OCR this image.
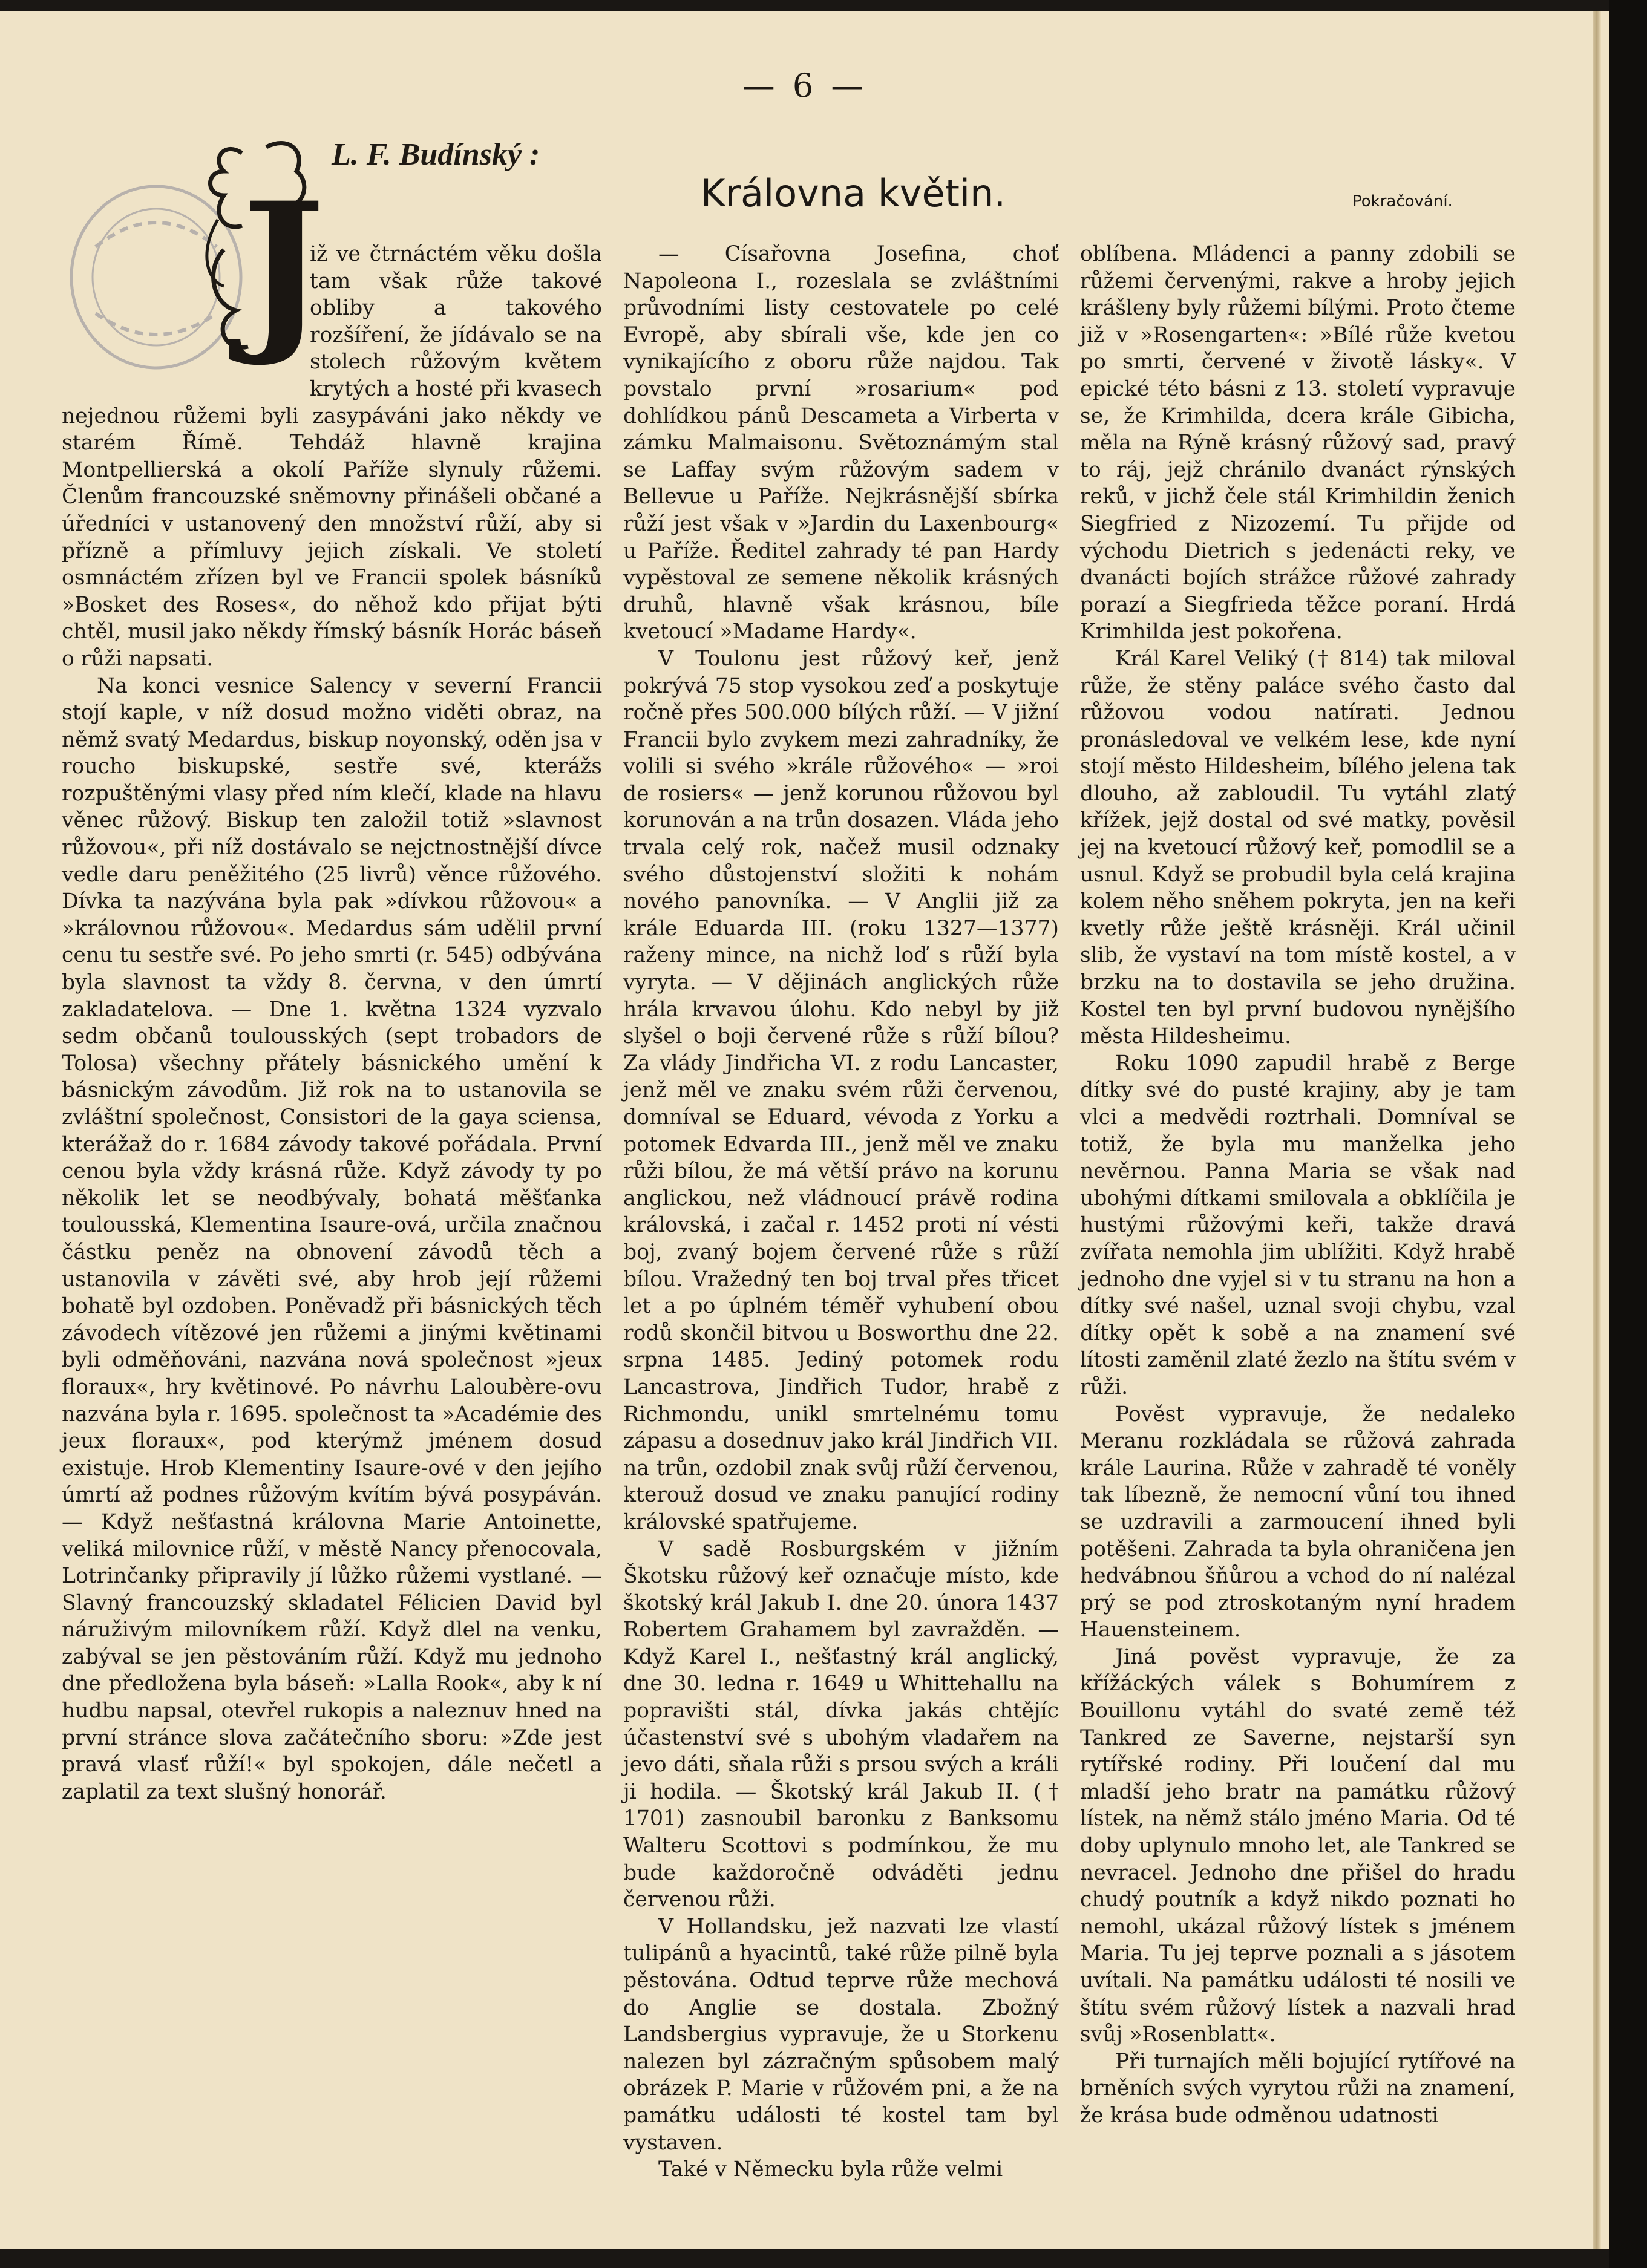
— 6 —
J
L. F. Budínský :
Královna květin.	Pokračování.

iž ve čtrnáctém věku došla tam však růže takové obliby a takového rozšíření, že jídávalo se na stolech růžovým květem krytých a hosté při kvasech nejednou růžemi byli zasypáváni jako někdy ve starém Římě. Tehdáž hlavně krajina Montpellierská a okolí Paříže slynuly růžemi. Členům francouzské sněmovny přinášeli občané a úředníci v ustanovený den množství růží, aby si přízně a přímluvy jejich získali. Ve století osmnáctém zřízen byl ve Francii spolek básníků »Bosket des Roses«, do něhož kdo přijat býti chtěl, musil jako někdy římský básník Horác báseň o růži napsati.

Na konci vesnice Salency v severní Francii stojí kaple, v níž dosud možno viděti obraz, na němž svatý Medardus, biskup noyonský, oděn jsa v roucho biskupské, sestře své, kterážs rozpuštěnými vlasy před ním klečí, klade na hlavu věnec růžový. Biskup ten založil totiž »slavnost růžovou«, při níž dostávalo se nejctnostnější dívce vedle daru peněžitého (25 livrů) věnce růžového. Dívka ta nazývána byla pak »dívkou růžovou« a »královnou růžovou«. Medardus sám udělil první cenu tu sestře své. Po jeho smrti (r. 545) odbývána byla slavnost ta vždy 8. června, v den úmrtí zakladatelova. — Dne 1. května 1324 vyzvalo sedm občanů toulousských (sept trobadors de Tolosa) všechny přátely básnického umění k básnickým závodům. Již rok na to ustanovila se zvláštní společnost, Consistori de la gaya sciensa, kterážaž do r. 1684 závody takové pořádala. První cenou byla vždy krásná růže. Když závody ty po několik let se neodbývaly, bohatá měšťanka toulousská, Klementina Isaure-ová, určila značnou částku peněz na obnovení závodů těch a ustanovila v závěti své, aby hrob její růžemi bohatě byl ozdoben. Poněvadž při básnických těch závodech vítězové jen růžemi a jinými květinami byli odměňováni, nazvána nová společnost »jeux floraux«, hry květinové. Po návrhu Laloubère-ovu nazvána byla r. 1695. společnost ta »Académie des jeux floraux«, pod kterýmž jménem dosud existuje. Hrob Klementiny Isaure-ové v den jejího úmrtí až podnes růžovým kvítím bývá posypáván. — Když nešťastná královna Marie Antoinette, veliká milovnice růží, v městě Nancy přenocovala, Lotrinčanky připravily jí lůžko růžemi vystlané. — Slavný francouzský skladatel Félicien David byl náruživým milovníkem růží. Když dlel na venku, zabýval se jen pěstováním růží. Když mu jednoho dne předložena byla báseň: »Lalla Rook«, aby k ní hudbu napsal, otevřel rukopis a naleznuv hned na první stránce slova začátečního sboru: »Zde jest pravá vlasť růží!« byl spokojen, dále nečetl a zaplatil za text slušný honorář.

— Císařovna Josefina, choť Napoleona I., rozeslala se zvláštními průvodními listy cestovatele po celé Evropě, aby sbírali vše, kde jen co vynikajícího z oboru růže najdou. Tak povstalo první »rosarium« pod dohlídkou pánů Descameta a Virberta v zámku Malmaisonu. Světoznámým stal se Laffay svým růžovým sadem v Bellevue u Paříže. Nejkrásnější sbírka růží jest však v »Jardin du Laxenbourg« u Paříže. Ředitel zahrady té pan Hardy vypěstoval ze semene několik krásných druhů, hlavně však krásnou, bíle kvetoucí »Madame Hardy«.

V Toulonu jest růžový keř, jenž pokrývá 75 stop vysokou zeď a poskytuje ročně přes 500.000 bílých růží. — V jižní Francii bylo zvykem mezi zahradníky, že volili si svého »krále růžového« — »roi de rosiers« — jenž korunou růžovou byl korunován a na trůn dosazen. Vláda jeho trvala celý rok, načež musil odznaky svého důstojenství složiti k nohám nového panovníka. — V Anglii již za krále Eduarda III. (roku 1327—1377) raženy mince, na nichž loď s růží byla vyryta. — V dějinách anglických růže hrála krvavou úlohu. Kdo nebyl by již slyšel o boji červené růže s růží bílou? Za vlády Jindřicha VI. z rodu Lancaster, jenž měl ve znaku svém růži červenou, domníval se Eduard, vévoda z Yorku a potomek Edvarda III., jenž měl ve znaku růži bílou, že má větší právo na korunu anglickou, než vládnoucí právě rodina královská, i začal r. 1452 proti ní vésti boj, zvaný bojem červené růže s růží bílou. Vražedný ten boj trval přes třicet let a po úplném téměř vyhubení obou rodů skončil bitvou u Bosworthu dne 22. srpna 1485. Jediný potomek rodu Lancastrova, Jindřich Tudor, hrabě z Richmondu, unikl smrtelnému tomu zápasu a dosednuv jako král Jindřich VII. na trůn, ozdobil znak svůj růží červenou, kterouž dosud ve znaku panující rodiny královské spatřujeme.

V sadě Rosburgském v jižním Škotsku růžový keř označuje místo, kde škotský král Jakub I. dne 20. února 1437 Robertem Grahamem byl zavražděn. — Když Karel I., nešťastný král anglický, dne 30. ledna r. 1649 u Whittehallu na popravišti stál, dívka jakás chtějíc účastenství své s ubohým vladařem na jevo dáti, sňala růži s prsou svých a králi ji hodila. — Škotský král Jakub II. († 1701) zasnoubil baronku z Banksomu Walteru Scottovi s podmínkou, že mu bude každoročně odváděti jednu červenou růži.

V Hollandsku, jež nazvati lze vlastí tulipánů a hyacintů, také růže pilně byla pěstována. Odtud teprve růže mechová do Anglie se dostala. Zbožný Landsbergius vypravuje, že u Storkenu nalezen byl zázračným spůsobem malý obrázek P. Marie v růžovém pni, a že na památku události té kostel tam byl vystaven.

Také v Německu byla růže velmi

oblíbena. Mládenci a panny zdobili se růžemi červenými, rakve a hroby jejich krášleny byly růžemi bílými. Proto čteme již v »Rosengarten«: »Bílé růže kvetou po smrti, červené v životě lásky«. V epické této básni z 13. století vypravuje se, že Krimhilda, dcera krále Gibicha, měla na Rýně krásný růžový sad, pravý to ráj, jejž chránilo dvanáct rýnských reků, v jichž čele stál Krimhildin ženich Siegfried z Nizozemí. Tu přijde od východu Dietrich s jedenácti reky, ve dvanácti bojích strážce růžové zahrady porazí a Siegfrieda těžce poraní. Hrdá Krimhilda jest pokořena.

Král Karel Veliký († 814) tak miloval růže, že stěny paláce svého často dal růžovou vodou natírati. Jednou pronásledoval ve velkém lese, kde nyní stojí město Hildesheim, bílého jelena tak dlouho, až zabloudil. Tu vytáhl zlatý křížek, jejž dostal od své matky, pověsil jej na kvetoucí růžový keř, pomodlil se a usnul. Když se probudil byla celá krajina kolem něho sněhem pokryta, jen na keři kvetly růže ještě krásněji. Král učinil slib, že vystaví na tom místě kostel, a v brzku na to dostavila se jeho družina. Kostel ten byl první budovou nynějšího města Hildesheimu.

Roku 1090 zapudil hrabě z Berge dítky své do pusté krajiny, aby je tam vlci a medvědi roztrhali. Domníval se totiž, že byla mu manželka jeho nevěrnou. Panna Maria se však nad ubohými dítkami smilovala a obklíčila je hustými růžovými keři, takže dravá zvířata nemohla jim ublížiti. Když hrabě jednoho dne vyjel si v tu stranu na hon a dítky své našel, uznal svoji chybu, vzal dítky opět k sobě a na znamení své lítosti zaměnil zlaté žezlo na štítu svém v růži.

Pověst vypravuje, že nedaleko Meranu rozkládala se růžová zahrada krále Laurina. Růže v zahradě té voněly tak líbezně, že nemocní vůní tou ihned se uzdravili a zarmoucení ihned byli potěšeni. Zahrada ta byla ohraničena jen hedvábnou šňůrou a vchod do ní nalézal prý se pod ztroskotaným nyní hradem Hauensteinem.

Jiná pověst vypravuje, že za křížáckých válek s Bohumírem z Bouillonu vytáhl do svaté země též Tankred ze Saverne, nejstarší syn rytířské rodiny. Při loučení dal mu mladší jeho bratr na památku růžový lístek, na němž stálo jméno Maria. Od té doby uplynulo mnoho let, ale Tankred se nevracel. Jednoho dne přišel do hradu chudý poutník a když nikdo poznati ho nemohl, ukázal růžový lístek s jménem Maria. Tu jej teprve poznali a s jásotem uvítali. Na památku události té nosili ve štítu svém růžový lístek a nazvali hrad svůj »Rosenblatt«.

Při turnajích měli bojující rytířové na brněních svých vyrytou růži na znamení, že krása bude odměnou udatnosti
